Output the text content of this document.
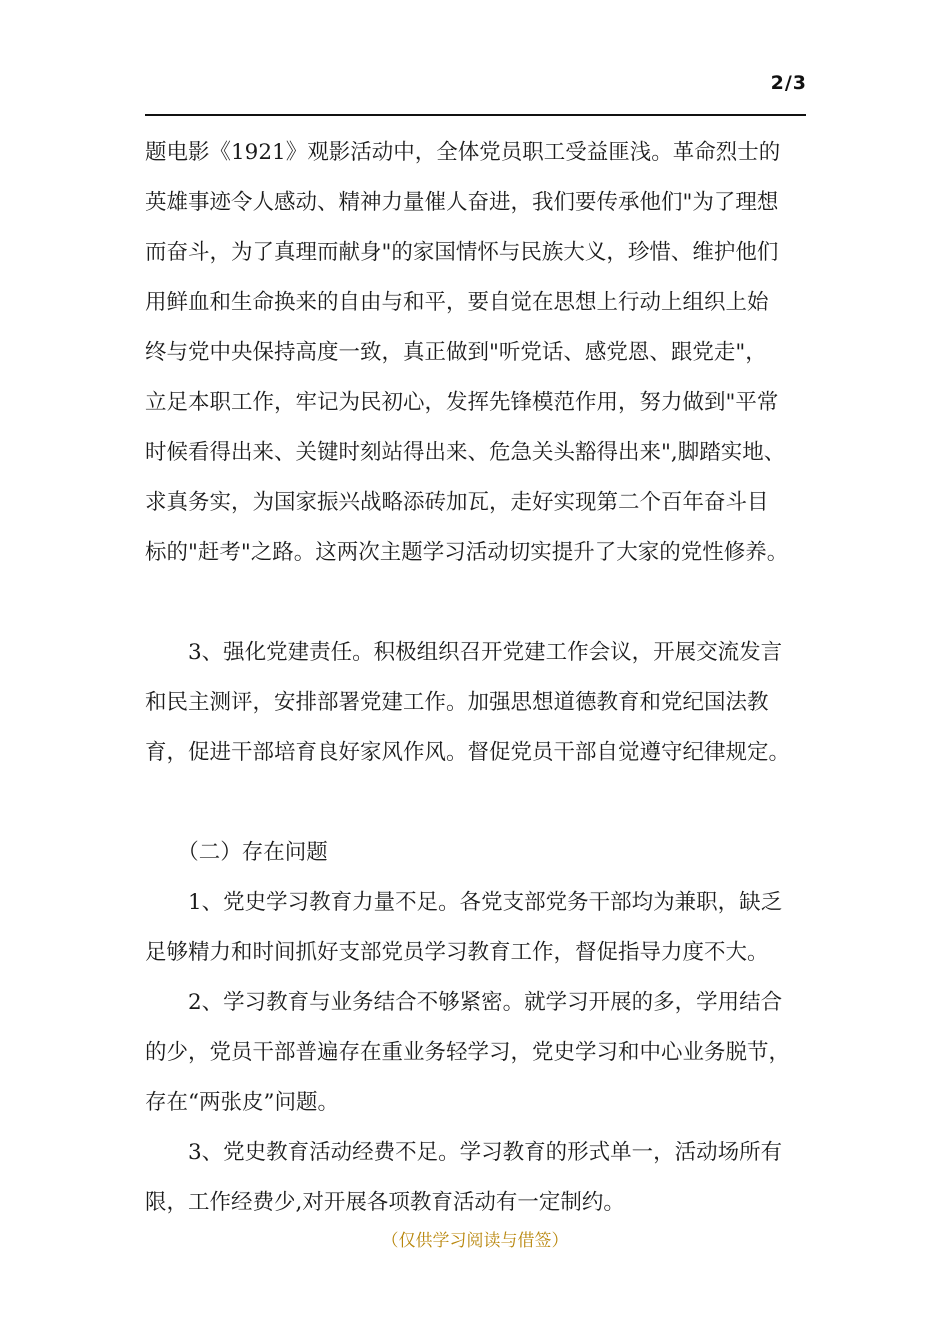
2/3
题电影《1921》观影活动中，全体党员职工受益匪浅。革命烈士的
英雄事迹令人感动、精神力量催人奋进，我们要传承他们"为了理想
而奋斗，为了真理而献身"的家国情怀与民族大义，珍惜、维护他们
用鲜血和生命换来的自由与和平，要自觉在思想上行动上组织上始
终与党中央保持高度一致，真正做到"听党话、感党恩、跟党走"，
立足本职工作，牢记为民初心，发挥先锋模范作用，努力做到"平常
时候看得出来、关键时刻站得出来、危急关头豁得出来",脚踏实地、
求真务实，为国家振兴战略添砖加瓦，走好实现第二个百年奋斗目
标的"赶考"之路。这两次主题学习活动切实提升了大家的党性修养。
　　3、强化党建责任。积极组织召开党建工作会议，开展交流发言
和民主测评，安排部署党建工作。加强思想道德教育和党纪国法教
育，促进干部培育良好家风作风。督促党员干部自觉遵守纪律规定。
　　（二）存在问题
　　1、党史学习教育力量不足。各党支部党务干部均为兼职，缺乏
足够精力和时间抓好支部党员学习教育工作，督促指导力度不大。
　　2、学习教育与业务结合不够紧密。就学习开展的多，学用结合
的少，党员干部普遍存在重业务轻学习，党史学习和中心业务脱节，
存在“两张皮”问题。
　　3、党史教育活动经费不足。学习教育的形式单一，活动场所有
限，工作经费少,对开展各项教育活动有一定制约。
（仅供学习阅读与借签）
